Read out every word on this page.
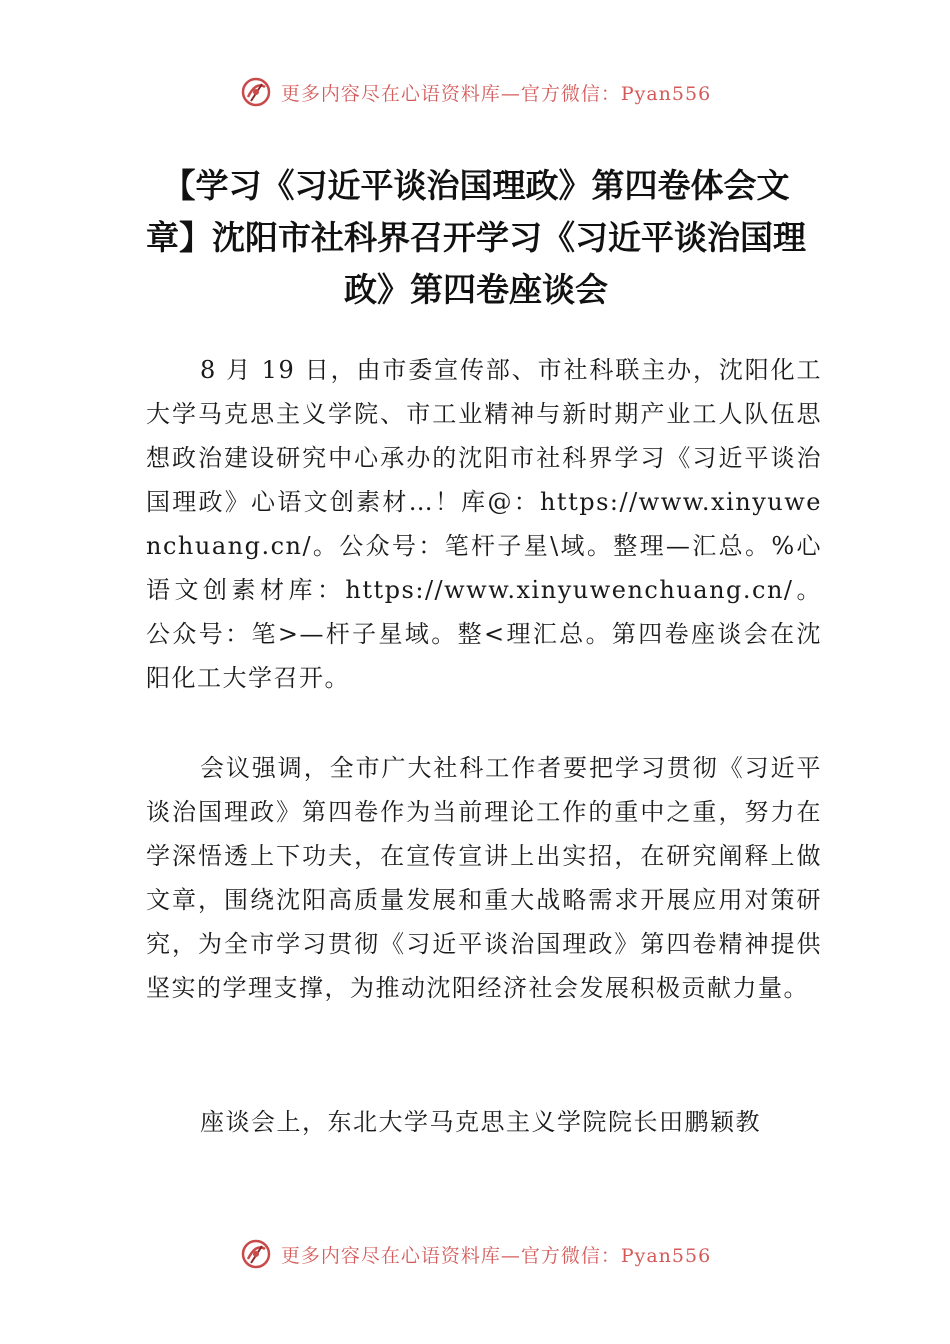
更多内容尽在心语资料库—官方微信：Pyan556
【学习《习近平谈治国理政》第四卷体会文章】沈阳市社科界召开学习《习近平谈治国理政》第四卷座谈会

8 月 19 日，由市委宣传部、市社科联主办，沈阳化工大学马克思主义学院、市工业精神与新时期产业工人队伍思想政治建设研究中心承办的沈阳市社科界学习《习近平谈治国理政》心语文创素材…！库@：https://www.xinyuwenchuang.cn/。公众号：笔杆子星\域。整理—汇总。%心语文创素材库：https://www.xinyuwenchuang.cn/。公众号：笔>—杆子星域。整<理汇总。第四卷座谈会在沈阳化工大学召开。

会议强调，全市广大社科工作者要把学习贯彻《习近平谈治国理政》第四卷作为当前理论工作的重中之重，努力在学深悟透上下功夫，在宣传宣讲上出实招，在研究阐释上做文章，围绕沈阳高质量发展和重大战略需求开展应用对策研究，为全市学习贯彻《习近平谈治国理政》第四卷精神提供坚实的学理支撑，为推动沈阳经济社会发展积极贡献力量。

座谈会上，东北大学马克思主义学院院长田鹏颖教

更多内容尽在心语资料库—官方微信：Pyan556
